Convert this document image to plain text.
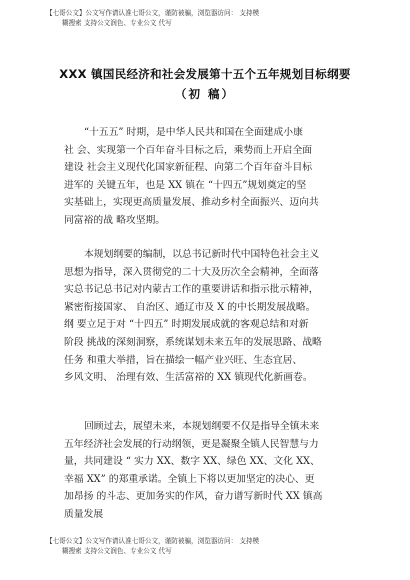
【七哥公文】公文写作请认准七哥公文，谨防被骗，浏览器访问： 支持模
糊搜索 支持公文润色、专业公文 代写
XXX 镇国民经济和社会发展第十五个五年规划目标纲要
（初 稿）
“十五五” 时期，是中华人民共和国在全面建成小康
社 会、实现第一个百年奋斗目标之后，乘势而上开启全面
建设 社会主义现代化国家新征程、向第二个百年奋斗目标
进军的 关键五年，也是 XX 镇在 “十四五”规划奠定的坚
实基础上，实现更高质量发展、推动乡村全面振兴、迈向共
同富裕的战 略攻坚期。
本规划纲要的编制，以总书记新时代中国特色社会主义
思想为指导，深入贯彻党的二十大及历次全会精神，全面落
实总书记总书记对内蒙古工作的重要讲话和指示批示精神，
紧密衔接国家、 自治区、通辽市及 X 的中长期发展战略。
纲 要立足于对 “十四五” 时期发展成就的客观总结和对新
阶段 挑战的深刻洞察，系统谋划未来五年的发展思路、战略
任务 和重大举措，旨在描绘一幅产业兴旺、生态宜居、
乡风文明、 治理有效、生活富裕的 XX 镇现代化新画卷。
回顾过去，展望未来，本规划纲要不仅是指导全镇未来
五年经济社会发展的行动纲领，更是凝聚全镇人民智慧与力
量，共同建设 “ 实力 XX、数字 XX、绿色 XX、文化 XX、
幸福 XX” 的郑重承诺。全镇上下将以更加坚定的决心、更
加昂扬 的斗志、更加务实的作风，奋力谱写新时代 XX 镇高
质量发展
【七哥公文】公文写作请认准七哥公文，谨防被骗，浏览器访问： 支持模
糊搜索 支持公文润色、专业公文 代写
